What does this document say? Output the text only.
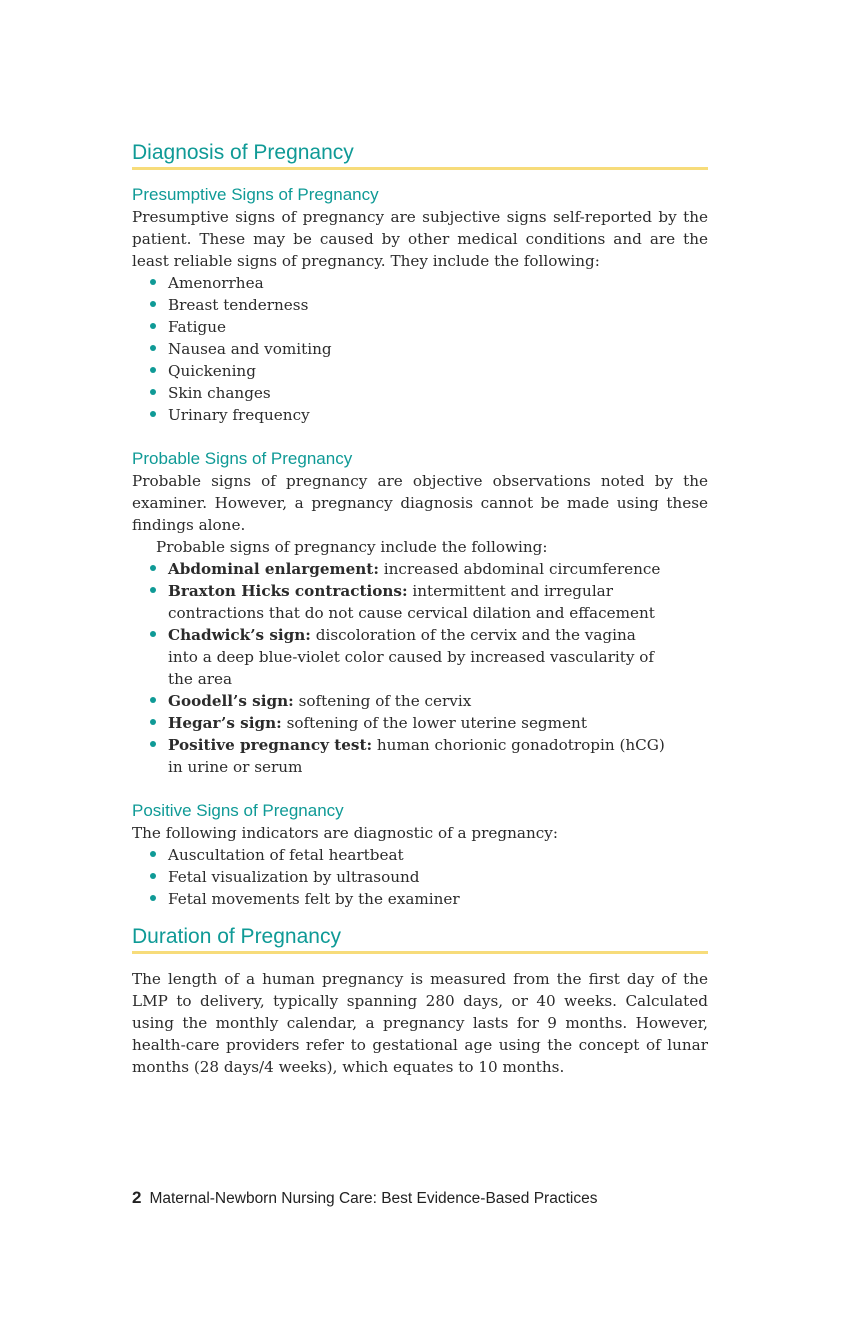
Diagnosis of Pregnancy
Presumptive Signs of Pregnancy

Presumptive signs of pregnancy are subjective signs self-reported by the patient. These may be caused by other medical conditions and are the least reliable signs of pregnancy. They include the following:

Amenorrhea
Breast tenderness
Fatigue
Nausea and vomiting
Quickening
Skin changes
Urinary frequency
Probable Signs of Pregnancy

Probable signs of pregnancy are objective observations noted by the examiner. However, a pregnancy diagnosis cannot be made using these findings alone.

Probable signs of pregnancy include the following:

Abdominal enlargement: increased abdominal circumference
Braxton Hicks contractions: intermittent and irregular contractions that do not cause cervical dilation and effacement
Chadwick’s sign: discoloration of the cervix and the vagina into a deep blue-violet color caused by increased vascularity of the area
Goodell’s sign: softening of the cervix
Hegar’s sign: softening of the lower uterine segment
Positive pregnancy test: human chorionic gonadotropin (hCG) in urine or serum
Positive Signs of Pregnancy

The following indicators are diagnostic of a pregnancy:

Auscultation of fetal heartbeat
Fetal visualization by ultrasound
Fetal movements felt by the examiner
Duration of Pregnancy

The length of a human pregnancy is measured from the first day of the LMP to delivery, typically spanning 280 days, or 40 weeks. Calculated using the monthly calendar, a pregnancy lasts for 9 months. However, health-care providers refer to gestational age using the concept of lunar months (28 days/4 weeks), which equates to 10 months.

2 Maternal-Newborn Nursing Care: Best Evidence-Based Practices
